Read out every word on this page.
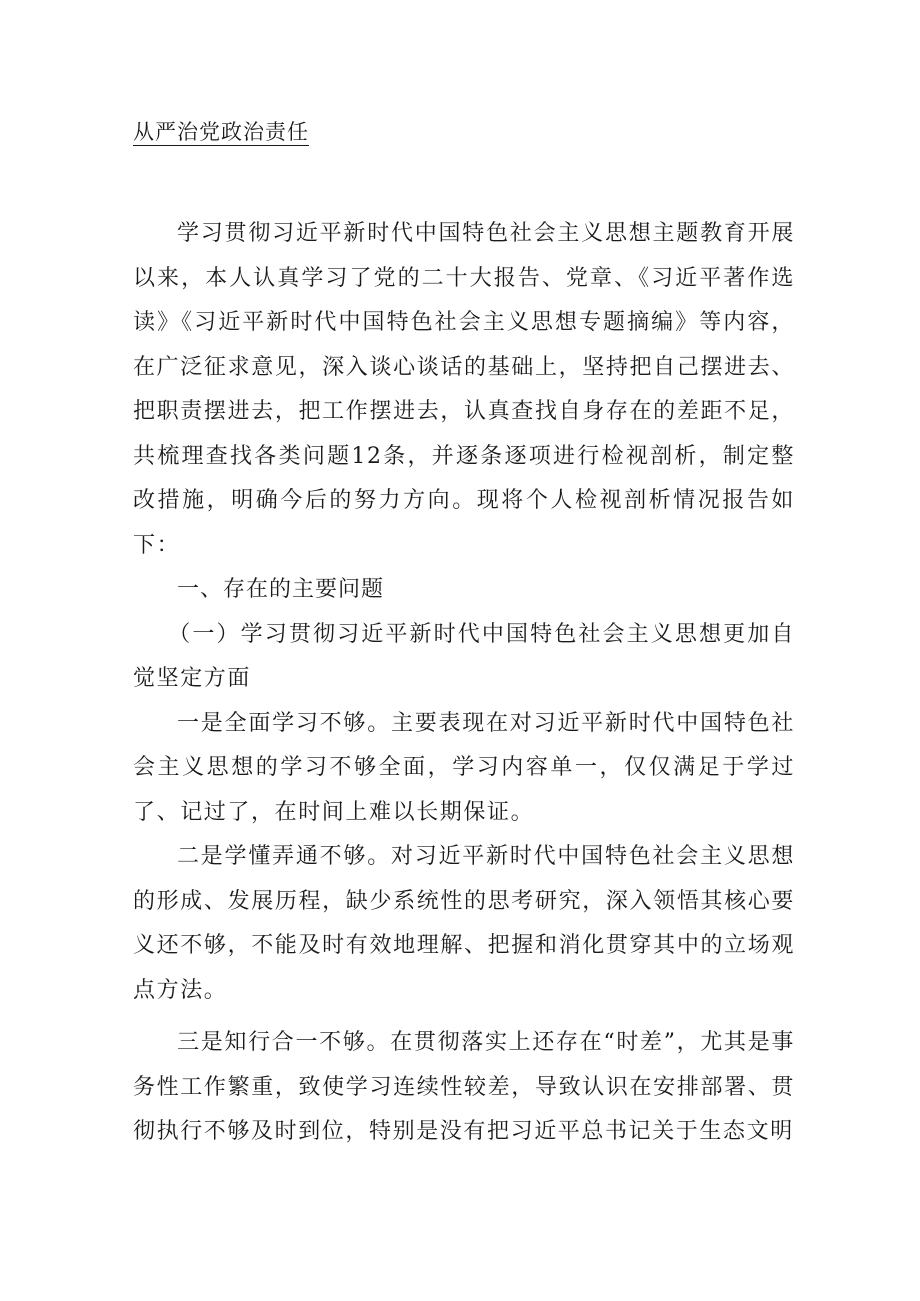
从严治党政治责任

学习贯彻习近平新时代中国特色社会主义思想主题教育开展以来，本人认真学习了党的二十大报告、党章、《习近平著作选读》《习近平新时代中国特色社会主义思想专题摘编》等内容，在广泛征求意见，深入谈心谈话的基础上，坚持把自己摆进去、把职责摆进去，把工作摆进去，认真查找自身存在的差距不足，共梳理查找各类问题12条，并逐条逐项进行检视剖析，制定整改措施，明确今后的努力方向。现将个人检视剖析情况报告如下：

一、存在的主要问题

（一）学习贯彻习近平新时代中国特色社会主义思想更加自觉坚定方面

一是全面学习不够。主要表现在对习近平新时代中国特色社会主义思想的学习不够全面，学习内容单一，仅仅满足于学过了、记过了，在时间上难以长期保证。

二是学懂弄通不够。对习近平新时代中国特色社会主义思想的形成、发展历程，缺少系统性的思考研究，深入领悟其核心要义还不够，不能及时有效地理解、把握和消化贯穿其中的立场观点方法。

三是知行合一不够。在贯彻落实上还存在“时差”，尤其是事务性工作繁重，致使学习连续性较差，导致认识在安排部署、贯彻执行不够及时到位，特别是没有把习近平总书记关于生态文明
